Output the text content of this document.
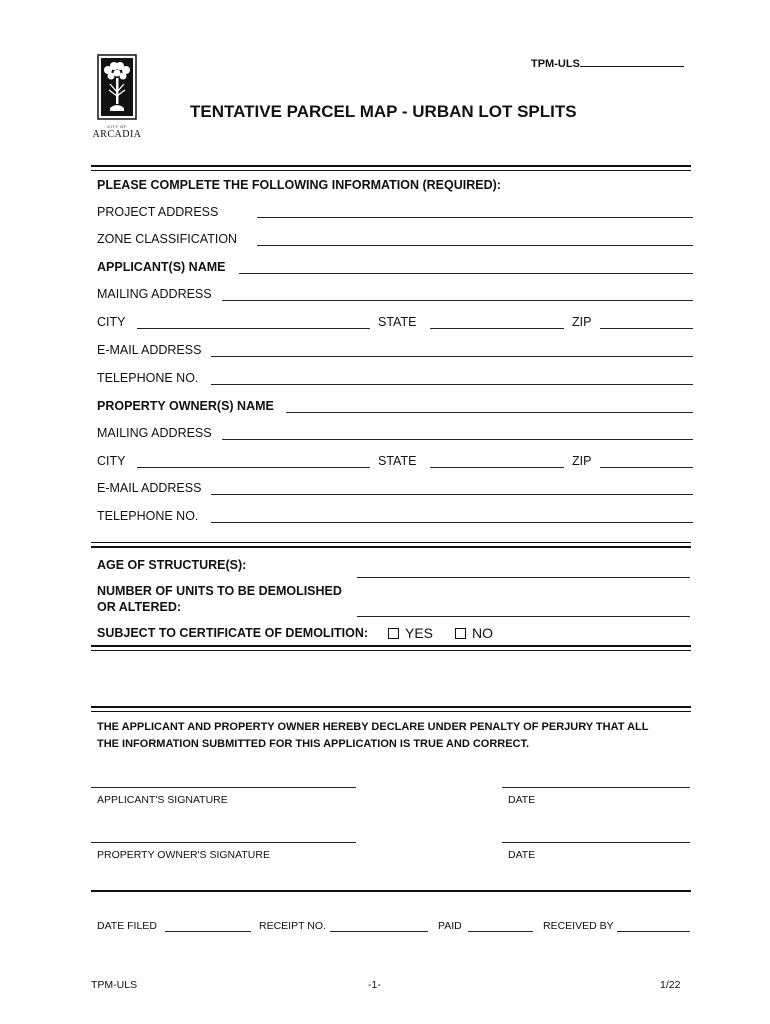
CITY OF
ARCADIA
TPM-ULS
TENTATIVE PARCEL MAP - URBAN LOT SPLITS
PLEASE COMPLETE THE FOLLOWING INFORMATION (REQUIRED):
PROJECT ADDRESS
ZONE CLASSIFICATION
APPLICANT(S) NAME
MAILING ADDRESS
CITY	STATE	ZIP
E-MAIL ADDRESS
TELEPHONE NO.
PROPERTY OWNER(S) NAME
MAILING ADDRESS
CITY	STATE	ZIP
E-MAIL ADDRESS
TELEPHONE NO.
AGE OF STRUCTURE(S):
NUMBER OF UNITS TO BE DEMOLISHED
OR ALTERED:
SUBJECT TO CERTIFICATE OF DEMOLITION:	YES	NO
THE APPLICANT AND PROPERTY OWNER HEREBY DECLARE UNDER PENALTY OF PERJURY THAT ALL
THE INFORMATION SUBMITTED FOR THIS APPLICATION IS TRUE AND CORRECT.
APPLICANT'S SIGNATURE	DATE
PROPERTY OWNER'S SIGNATURE	DATE
DATE FILED	RECEIPT NO.	PAID	RECEIVED BY
TPM-ULS	-1-	1/22
